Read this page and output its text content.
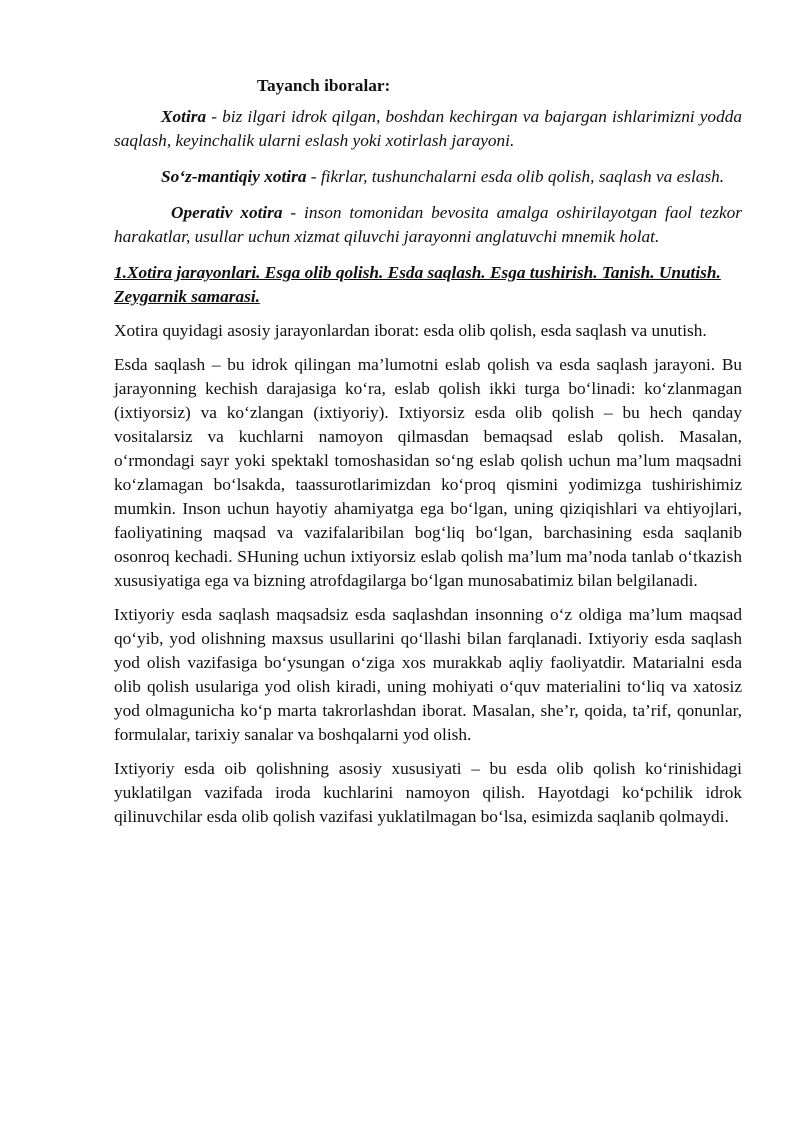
Tayanch iboralar:

Xotira - biz ilgari idrok qilgan, boshdan kechirgan va bajargan ishlarimizni yodda saqlash, keyinchalik ularni eslash yoki xotirlash jarayoni.

So‘z-mantiqiy xotira - fikrlar, tushunchalarni esda olib qolish, saqlash va eslash.

Operativ xotira - inson tomonidan bevosita amalga oshirilayotgan faol tezkor harakatlar, usullar uchun xizmat qiluvchi jarayonni anglatuvchi mnemik holat.

1.Xotira jarayonlari. Esga olib qolish. Esda saqlash. Esga tushirish. Tanish. Unutish. Zeygarnik samarasi.

Xotira quyidagi asosiy jarayonlardan iborat: esda olib qolish, esda saqlash va unutish.

Esda saqlash – bu idrok qilingan ma’lumotni eslab qolish va esda saqlash jarayoni. Bu jarayonning kechish darajasiga ko‘ra, eslab qolish ikki turga bo‘linadi: ko‘zlanmagan (ixtiyorsiz) va ko‘zlangan (ixtiyoriy). Ixtiyorsiz esda olib qolish – bu hech qanday vositalarsiz va kuchlarni namoyon qilmasdan bemaqsad eslab qolish. Masalan, o‘rmondagi sayr yoki spektakl tomoshasidan so‘ng eslab qolish uchun ma’lum maqsadni ko‘zlamagan bo‘lsakda, taassurotlarimizdan ko‘proq qismini yodimizga tushirishimiz mumkin. Inson uchun hayotiy ahamiyatga ega bo‘lgan, uning qiziqishlari va ehtiyojlari, faoliyatining maqsad va vazifalaribilan bog‘liq bo‘lgan, barchasining esda saqlanib osonroq kechadi. SHuning uchun ixtiyorsiz eslab qolish ma’lum ma’noda tanlab o‘tkazish xususiyatiga ega va bizning atrofdagilarga bo‘lgan munosabatimiz bilan belgilanadi.

Ixtiyoriy esda saqlash maqsadsiz esda saqlashdan insonning o‘z oldiga ma’lum maqsad qo‘yib, yod olishning maxsus usullarini qo‘llashi bilan farqlanadi. Ixtiyoriy esda saqlash yod olish vazifasiga bo‘ysungan o‘ziga xos murakkab aqliy faoliyatdir. Matarialni esda olib qolish usulariga yod olish kiradi, uning mohiyati o‘quv materialini to‘liq va xatosiz yod olmagunicha ko‘p marta takrorlashdan iborat. Masalan, she’r, qoida, ta’rif, qonunlar, formulalar, tarixiy sanalar va boshqalarni yod olish.

Ixtiyoriy esda oib qolishning asosiy xususiyati – bu esda olib qolish ko‘rinishidagi yuklatilgan vazifada iroda kuchlarini namoyon qilish. Hayotdagi ko‘pchilik idrok qilinuvchilar esda olib qolish vazifasi yuklatilmagan bo‘lsa, esimizda saqlanib qolmaydi.
